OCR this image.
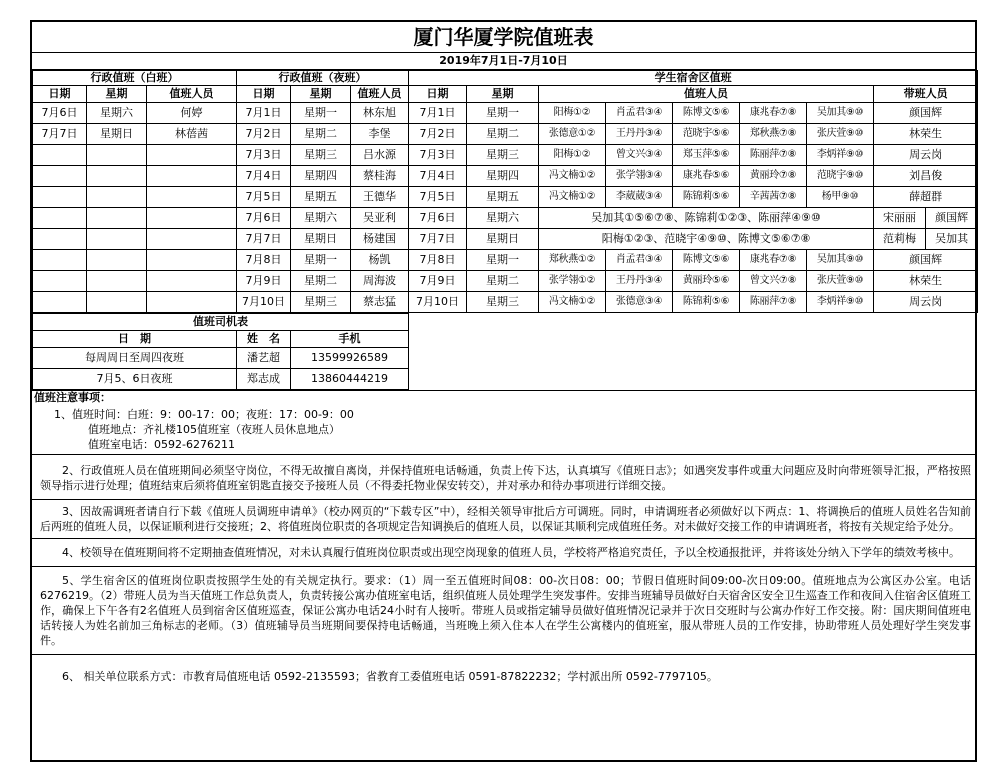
厦门华厦学院值班表
2019年7月1日-7月10日
行政值班（白班）			行政值班（夜班）			学生宿舍区值班								
日期	星期	值班人员	日期	星期	值班人员	日期	星期	值班人员					带班人员	
7月6日	星期六	何婷	7月1日	星期一	林东旭	7月1日	星期一	阳梅①②	肖孟君③④	陈博文⑤⑥	康兆春⑦⑧	吴加其⑨⑩	颜国辉	
7月7日	星期日	林蓓茜	7月2日	星期二	李堡	7月2日	星期二	张德意①②	王丹丹③④	范晓宇⑤⑥	郑秋燕⑦⑧	张庆萱⑨⑩	林荣生	
			7月3日	星期三	吕水源	7月3日	星期三	阳梅①②	曾文兴③④	郑玉萍⑤⑥	陈丽萍⑦⑧	李炳祥⑨⑩	周云岗	
			7月4日	星期四	蔡桂海	7月4日	星期四	冯文楠①②	张学翎③④	康兆春⑤⑥	黄丽玲⑦⑧	范晓宇⑨⑩	刘昌俊	
			7月5日	星期五	王德华	7月5日	星期五	冯文楠①②	李葳葳③④	陈锦莉⑤⑥	辛茜茜⑦⑧	杨甲⑨⑩	薛超群	
			7月6日	星期六	吴亚利	7月6日	星期六	吴加其①⑤⑥⑦⑧、陈锦莉①②③、陈丽萍④⑨⑩					宋丽丽	颜国辉
			7月7日	星期日	杨建国	7月7日	星期日	阳梅①②③、范晓宇④⑨⑩、陈博文⑤⑥⑦⑧					范莉梅	吴加其
			7月8日	星期一	杨凯	7月8日	星期一	郑秋燕①②	肖孟君③④	陈博文⑤⑥	康兆春⑦⑧	吴加其⑨⑩	颜国辉	
			7月9日	星期二	周海波	7月9日	星期二	张学翎①②	王丹丹③④	黄丽玲⑤⑥	曾文兴⑦⑧	张庆萱⑨⑩	林荣生	
			7月10日	星期三	蔡志猛	7月10日	星期三	冯文楠①②	张德意③④	陈锦莉⑤⑥	陈丽萍⑦⑧	李炳祥⑨⑩	周云岗	
值班司机表			
日　期	姓　名	手机	
每周周日至周四夜班	潘艺超	13599926589	
7月5、6日夜班	郑志成	13860444219	
值班注意事项：
1、值班时间：白班：9：00-17：00；夜班：17：00-9：00
值班地点：齐礼楼105值班室（夜班人员休息地点）
值班室电话：0592-6276211

2、行政值班人员在值班期间必须坚守岗位，不得无故擅自离岗，并保持值班电话畅通，负责上传下达，认真填写《值班日志》；如遇突发事件或重大问题应及时向带班领导汇报，严格按照领导指示进行处理；值班结束后须将值班室钥匙直接交予接班人员（不得委托物业保安转交），并对承办和待办事项进行详细交接。

3、因故需调班者请自行下载《值班人员调班申请单》（校办网页的“下载专区”中），经相关领导审批后方可调班。同时，申请调班者必须做好以下两点：1、将调换后的值班人员姓名告知前后两班的值班人员，以保证顺利进行交接班；2、将值班岗位职责的各项规定告知调换后的值班人员，以保证其顺利完成值班任务。对未做好交接工作的申请调班者，将按有关规定给予处分。

4、校领导在值班期间将不定期抽查值班情况，对未认真履行值班岗位职责或出现空岗现象的值班人员，学校将严格追究责任，予以全校通报批评，并将该处分纳入下学年的绩效考核中。

5、学生宿舍区的值班岗位职责按照学生处的有关规定执行。要求：（1）周一至五值班时间08：00-次日08：00；节假日值班时间09:00-次日09:00。值班地点为公寓区办公室。电话6276219。（2）带班人员为当天值班工作总负责人，负责转接公寓办值班室电话，组织值班人员处理学生突发事件。安排当班辅导员做好白天宿舍区安全卫生巡查工作和夜间入住宿舍区值班工作，确保上下午各有2名值班人员到宿舍区值班巡查，保证公寓办电话24小时有人接听。带班人员或指定辅导员做好值班情况记录并于次日交班时与公寓办作好工作交接。附：国庆期间值班电话转接人为姓名前加三角标志的老师。（3）值班辅导员当班期间要保持电话畅通，当班晚上须入住本人在学生公寓楼内的值班室，服从带班人员的工作安排，协助带班人员处理好学生突发事件。

6、 相关单位联系方式：市教育局值班电话 0592-2135593；省教育工委值班电话 0591-87822232；学村派出所 0592-7797105。
